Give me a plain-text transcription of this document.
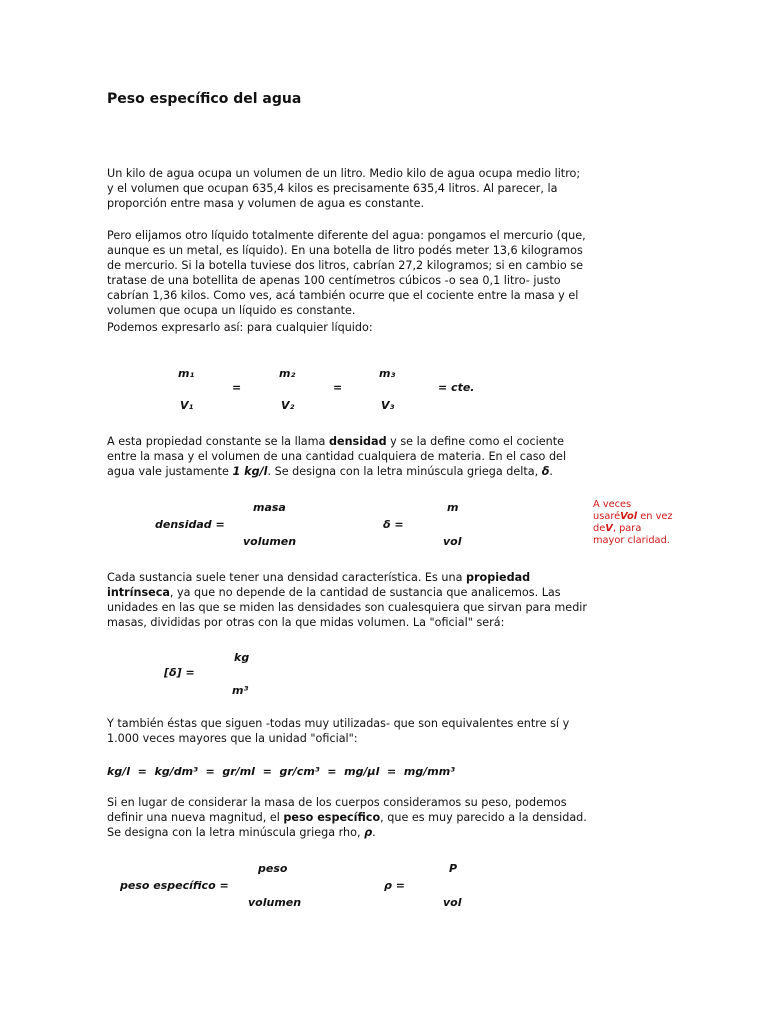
Peso específico del agua

Un kilo de agua ocupa un volumen de un litro. Medio kilo de agua ocupa medio litro; y el volumen que ocupan 635,4 kilos es precisamente 635,4 litros. Al parecer, la proporción entre masa y volumen de agua es constante.

Pero elijamos otro líquido totalmente diferente del agua: pongamos el mercurio (que, aunque es un metal, es líquido). En una botella de litro podés meter 13,6 kilogramos de mercurio. Si la botella tuviese dos litros, cabrían 27,2 kilogramos; si en cambio se tratase de una botellita de apenas 100 centímetros cúbicos -o sea 0,1 litro- justo cabrían 1,36 kilos. Como ves, acá también ocurre que el cociente entre la masa y el volumen que ocupa un líquido es constante.

Podemos expresarlo así: para cualquier líquido:

m₁
V₁
=
m₂
V₂
=
m₃
V₃
= cte.

A esta propiedad constante se la llama densidad y se la define como el cociente entre la masa y el volumen de una cantidad cualquiera de materia. En el caso del agua vale justamente 1 kg/l. Se designa con la letra minúscula griega delta, δ.

densidad =
masa
volumen
δ =
m
vol
A veces usaréVol en vez deV, para mayor claridad.

Cada sustancia suele tener una densidad característica. Es una propiedad intrínseca, ya que no depende de la cantidad de sustancia que analicemos. Las unidades en las que se miden las densidades son cualesquiera que sirvan para medir masas, divididas por otras con la que midas volumen. La "oficial" será:

[δ] =
kg
m³

Y también éstas que siguen -todas muy utilizadas- que son equivalentes entre sí y 1.000 veces mayores que la unidad "oficial":

kg/l  =  kg/dm³  =  gr/ml  =  gr/cm³  =  mg/μl  =  mg/mm³

Si en lugar de considerar la masa de los cuerpos consideramos su peso, podemos definir una nueva magnitud, el peso específico, que es muy parecido a la densidad. Se designa con la letra minúscula griega rho, ρ.

peso específico =
peso
volumen
ρ =
P
vol
